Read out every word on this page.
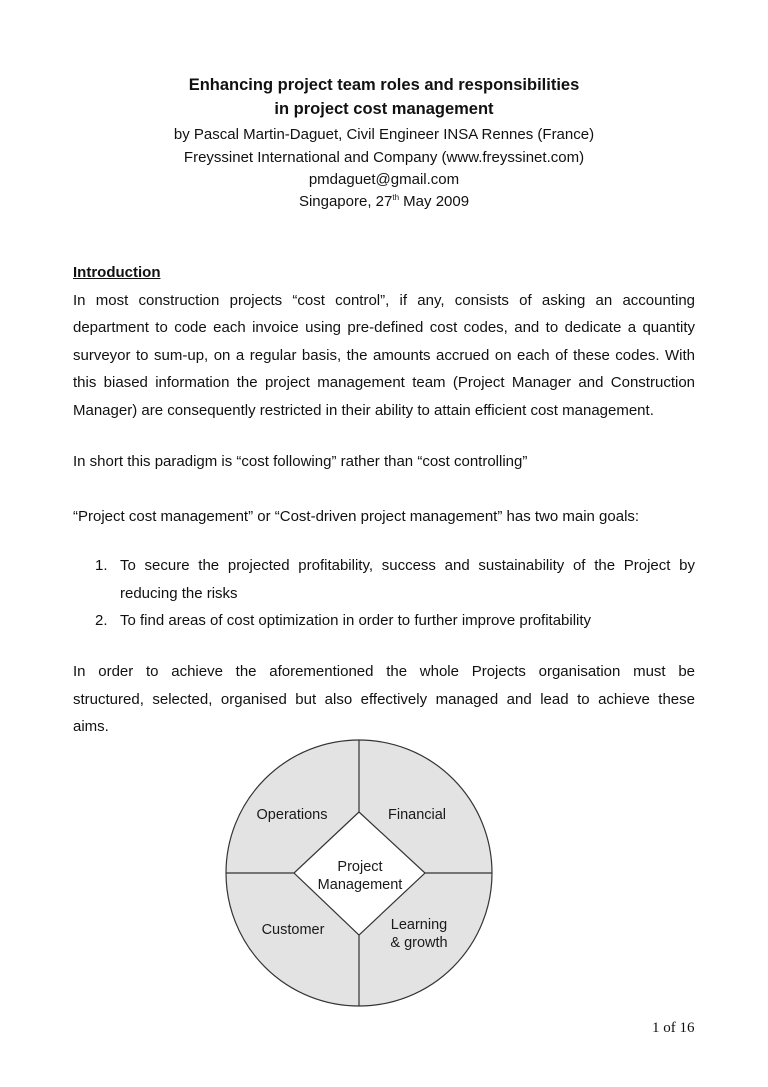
Enhancing project team roles and responsibilities
in project cost management
by Pascal Martin-Daguet, Civil Engineer INSA Rennes (France)
Freyssinet International and Company (www.freyssinet.com)
pmdaguet@gmail.com
Singapore, 27th May 2009
Introduction
In most construction projects “cost control”, if any, consists of asking an accounting
department to code each invoice using pre-defined cost codes, and to dedicate a quantity
surveyor to sum-up, on a regular basis, the amounts accrued on each of these codes. With
this biased information the project management team (Project Manager and Construction
Manager) are consequently restricted in their ability to attain efficient cost management.
In short this paradigm is “cost following” rather than “cost controlling”
“Project cost management” or “Cost-driven project management” has two main goals:
1. To secure the projected profitability, success and sustainability of the Project by
reducing the risks
2. To find areas of cost optimization in order to further improve profitability
In order to achieve the aforementioned the whole Projects organisation must be
structured, selected, organised but also effectively managed and lead to achieve these
aims.
Operations	Financial
Customer	Learning
& growth
Project
Management
1 of 16
